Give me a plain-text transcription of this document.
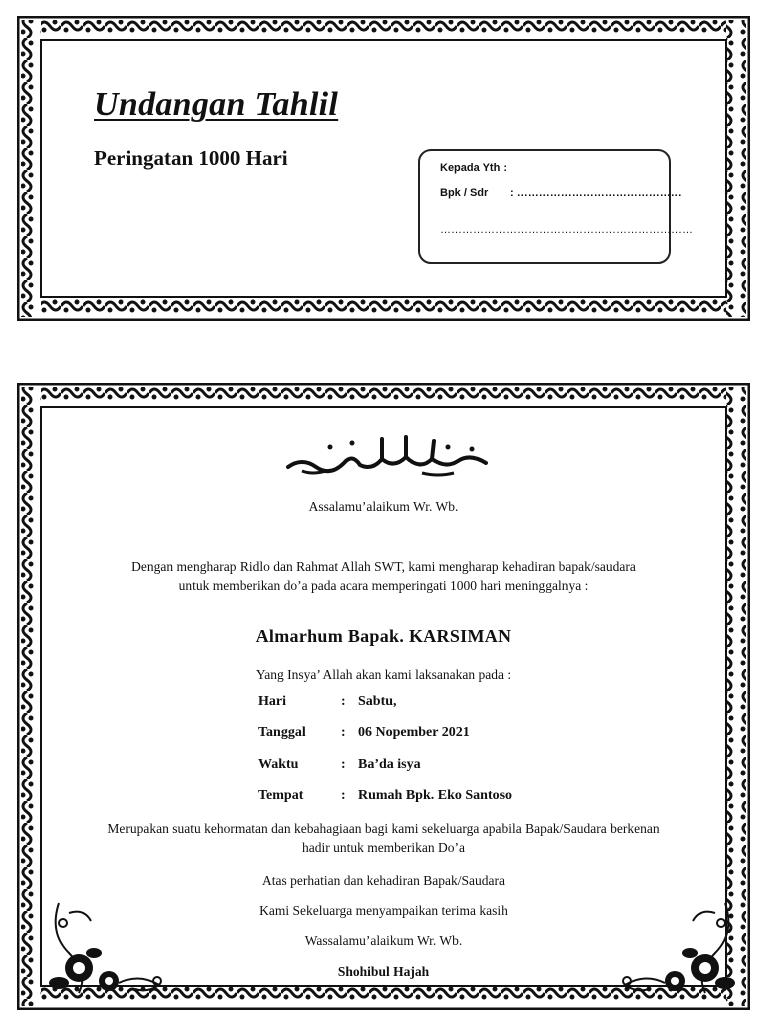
Undangan Tahlil
Peringatan 1000 Hari	Kepada Yth :
Bpk / Sdr : ………………………………………
……………………………………………………………

Assalamu’alaikum Wr. Wb.

Dengan mengharap Ridlo dan Rahmat Allah SWT, kami mengharap kehadiran bapak/saudara untuk memberikan do’a pada acara memperingati 1000 hari meninggalnya :

Almarhum Bapak. KARSIMAN

Yang Insya’ Allah akan kami laksanakan pada :

Hari	: Sabtu,

Tanggal	: 06 Nopember 2021

Waktu	: Ba’da isya

Tempat	: Rumah Bpk. Eko Santoso

Merupakan suatu kehormatan dan kebahagiaan bagi kami sekeluarga apabila Bapak/Saudara berkenan hadir untuk memberikan Do’a

Atas perhatian dan kehadiran Bapak/Saudara

Kami Sekeluarga menyampaikan terima kasih

Wassalamu’alaikum Wr. Wb.

Shohibul Hajah
